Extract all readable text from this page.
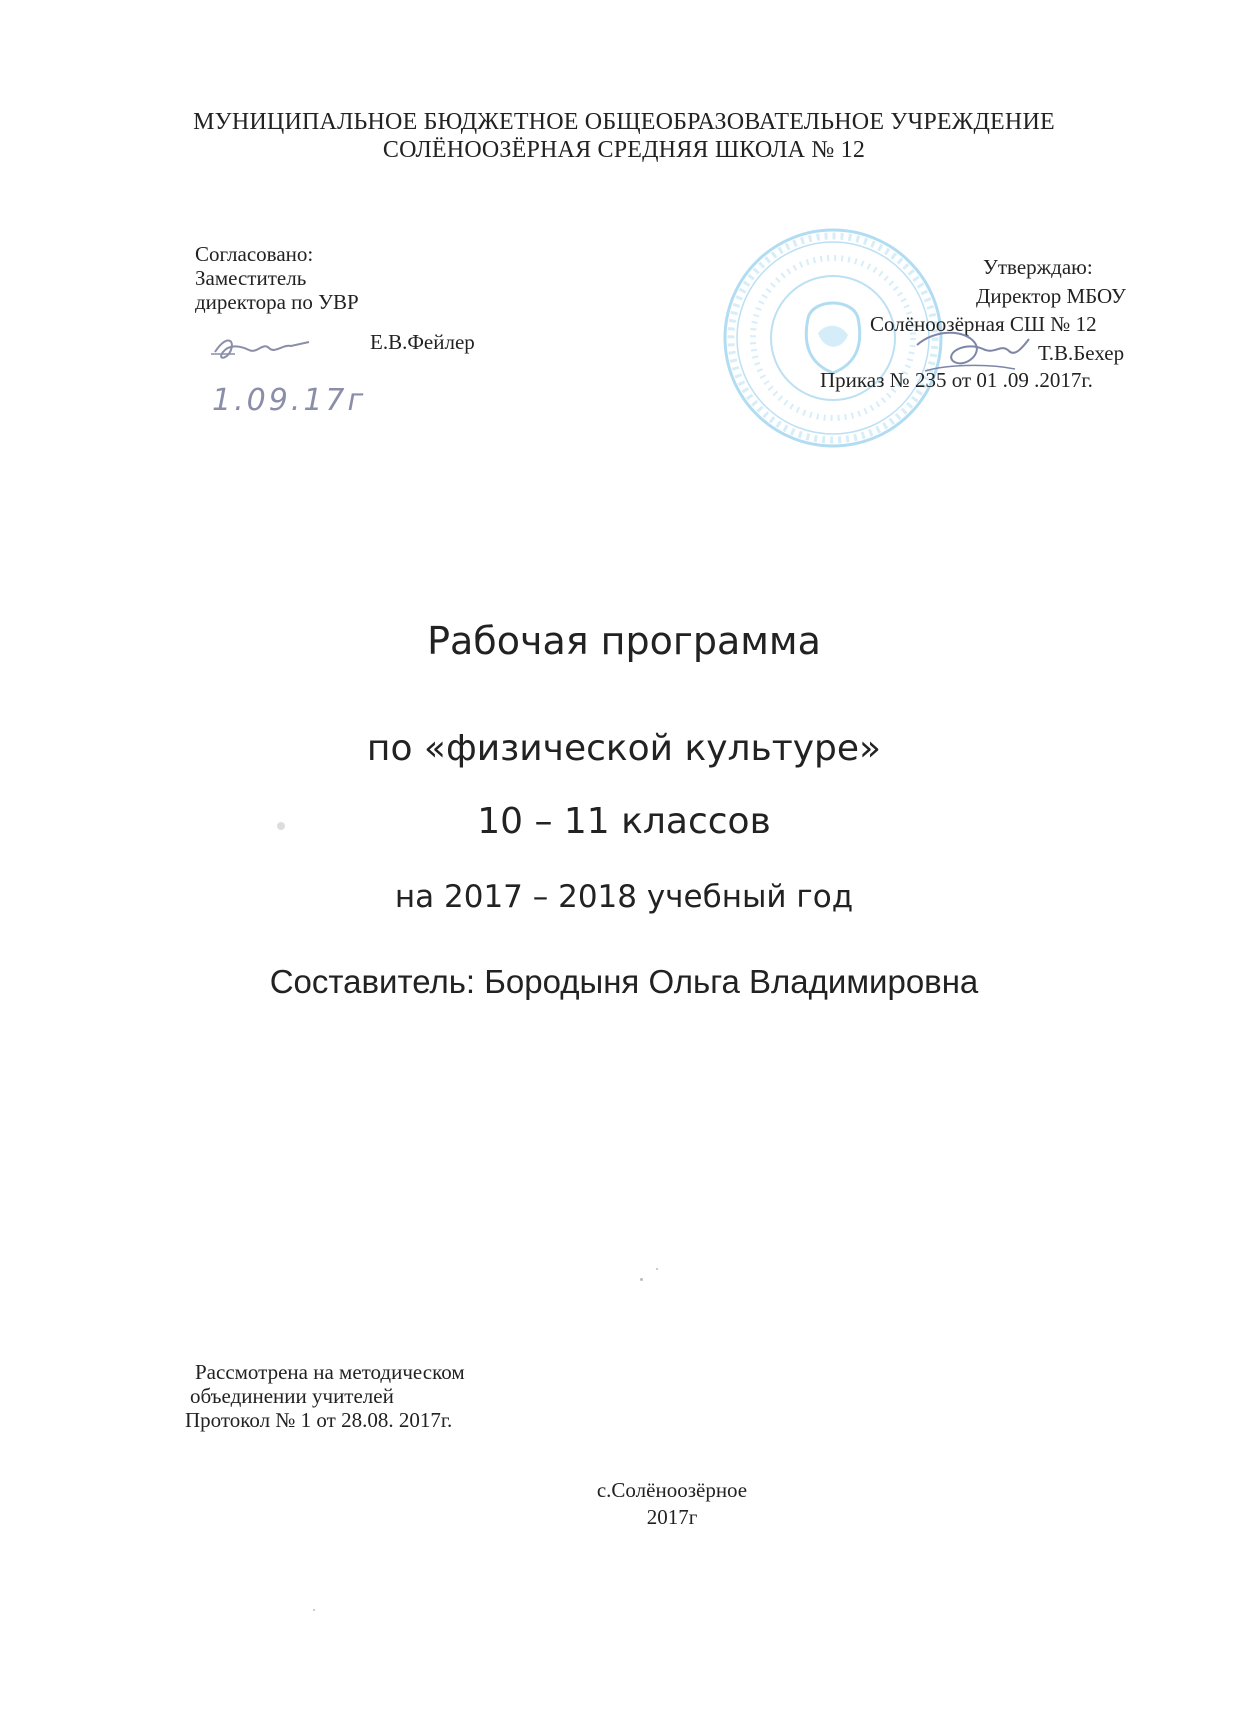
МУНИЦИПАЛЬНОЕ БЮДЖЕТНОЕ ОБЩЕОБРАЗОВАТЕЛЬНОЕ УЧРЕЖДЕНИЕ
СОЛЁНООЗЁРНАЯ СРЕДНЯЯ ШКОЛА № 12
Согласовано:
Заместитель
директора по УВР
Е.В.Фейлер
1.09.17г
Утверждаю:
Директор МБОУ
Солёноозёрная СШ № 12
Т.В.Бехер
Приказ № 235 от 01 .09 .2017г.
Рабочая программа
по «физической культуре»
10 – 11 классов
на 2017 – 2018 учебный год
Составитель: Бородыня Ольга Владимировна
Рассмотрена на методическом
объединении учителей
Протокол № 1 от 28.08. 2017г.
с.Солёноозёрное
2017г
